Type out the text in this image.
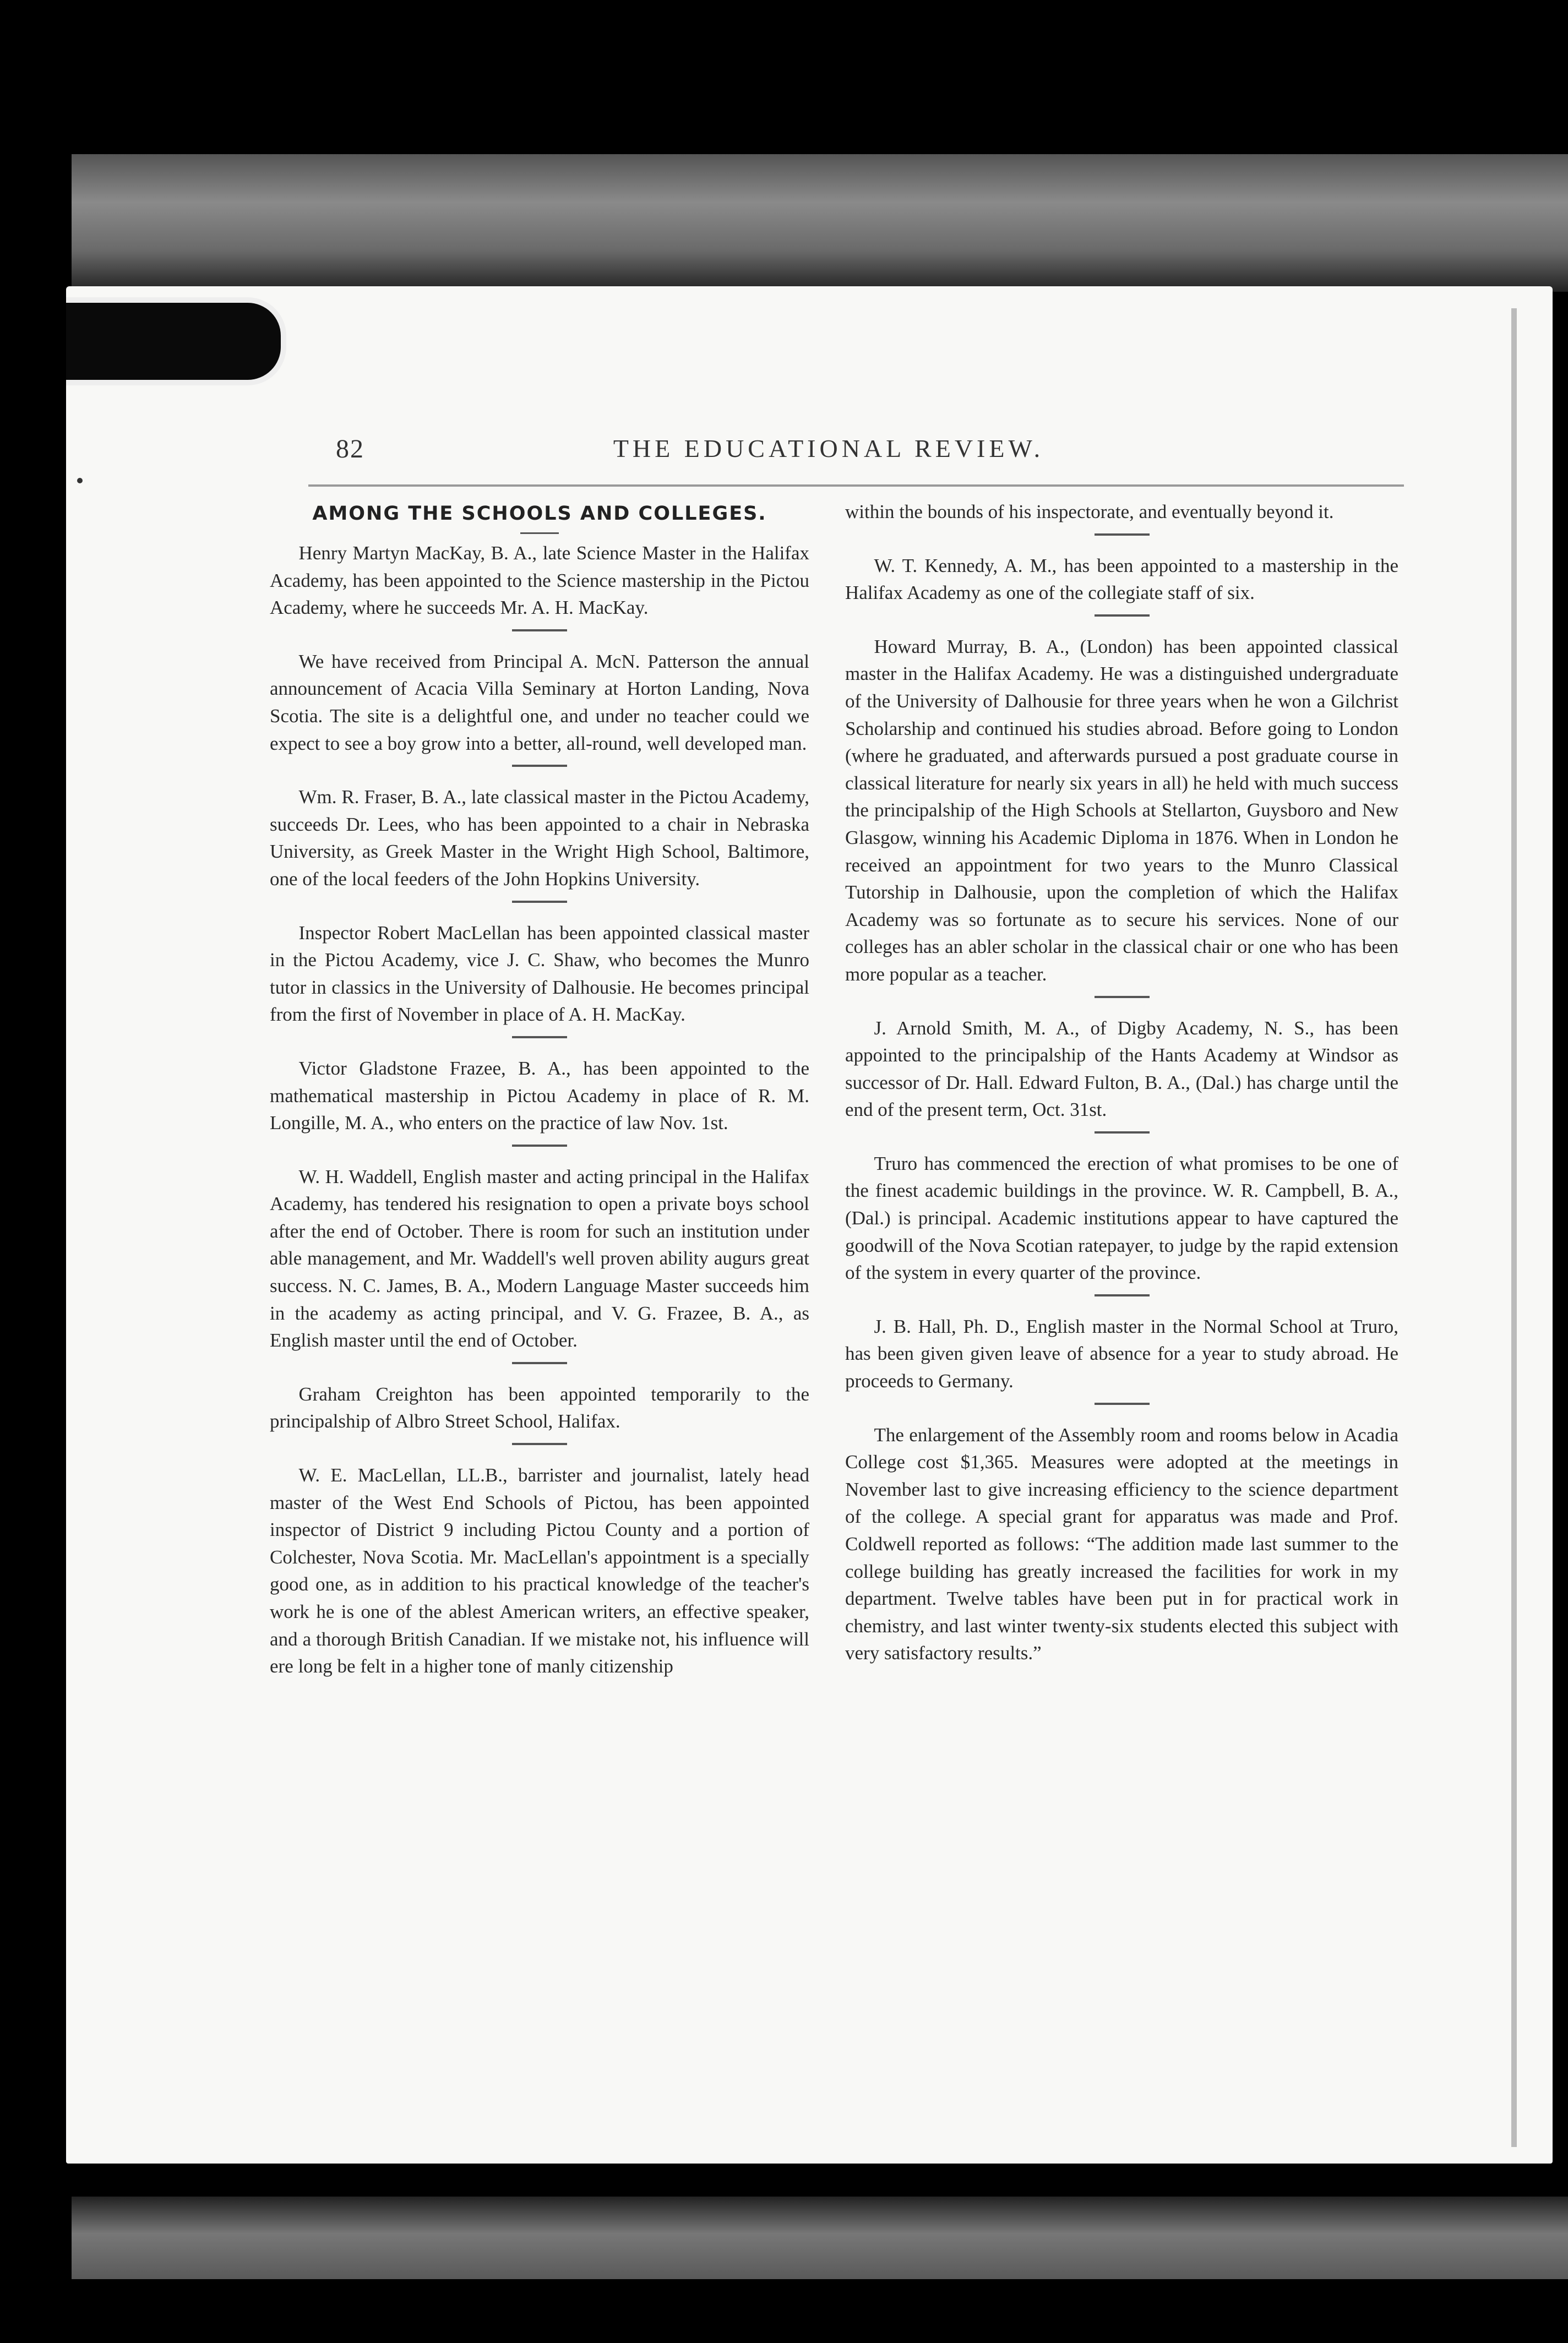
82	THE EDUCATIONAL REVIEW.
AMONG THE SCHOOLS AND COLLEGES.

Henry Martyn MacKay, B. A., late Science Master in the Halifax Academy, has been appointed to the Science mastership in the Pictou Academy, where he succeeds Mr. A. H. MacKay.

We have received from Principal A. McN. Patterson the annual announcement of Acacia Villa Seminary at Horton Landing, Nova Scotia. The site is a delightful one, and under no teacher could we expect to see a boy grow into a better, all-round, well developed man.

Wm. R. Fraser, B. A., late classical master in the Pictou Academy, succeeds Dr. Lees, who has been appointed to a chair in Nebraska University, as Greek Master in the Wright High School, Baltimore, one of the local feeders of the John Hopkins University.

Inspector Robert MacLellan has been appointed classical master in the Pictou Academy, vice J. C. Shaw, who becomes the Munro tutor in classics in the University of Dalhousie. He becomes principal from the first of November in place of A. H. MacKay.

Victor Gladstone Frazee, B. A., has been appointed to the mathematical mastership in Pictou Academy in place of R. M. Longille, M. A., who enters on the practice of law Nov. 1st.

W. H. Waddell, English master and acting principal in the Halifax Academy, has tendered his resignation to open a private boys school after the end of October. There is room for such an institution under able management, and Mr. Waddell's well proven ability augurs great success. N. C. James, B. A., Modern Language Master succeeds him in the academy as acting principal, and V. G. Frazee, B. A., as English master until the end of October.

Graham Creighton has been appointed temporarily to the principalship of Albro Street School, Halifax.

W. E. MacLellan, LL.B., barrister and journalist, lately head master of the West End Schools of Pictou, has been appointed inspector of District 9 including Pictou County and a portion of Colchester, Nova Scotia. Mr. MacLellan's appointment is a specially good one, as in addition to his practical knowledge of the teacher's work he is one of the ablest American writers, an effective speaker, and a thorough British Canadian. If we mistake not, his influence will ere long be felt in a higher tone of manly citizenship

within the bounds of his inspectorate, and eventually beyond it.

W. T. Kennedy, A. M., has been appointed to a mastership in the Halifax Academy as one of the collegiate staff of six.

Howard Murray, B. A., (London) has been appointed classical master in the Halifax Academy. He was a distinguished undergraduate of the University of Dalhousie for three years when he won a Gilchrist Scholarship and continued his studies abroad. Before going to London (where he graduated, and afterwards pursued a post graduate course in classical literature for nearly six years in all) he held with much success the principalship of the High Schools at Stellarton, Guysboro and New Glasgow, winning his Academic Diploma in 1876. When in London he received an appointment for two years to the Munro Classical Tutorship in Dalhousie, upon the completion of which the Halifax Academy was so fortunate as to secure his services. None of our colleges has an abler scholar in the classical chair or one who has been more popular as a teacher.

J. Arnold Smith, M. A., of Digby Academy, N. S., has been appointed to the principalship of the Hants Academy at Windsor as successor of Dr. Hall. Edward Fulton, B. A., (Dal.) has charge until the end of the present term, Oct. 31st.

Truro has commenced the erection of what promises to be one of the finest academic buildings in the province. W. R. Campbell, B. A., (Dal.) is principal. Academic institutions appear to have captured the goodwill of the Nova Scotian ratepayer, to judge by the rapid extension of the system in every quarter of the province.

J. B. Hall, Ph. D., English master in the Normal School at Truro, has been given given leave of absence for a year to study abroad. He proceeds to Germany.

The enlargement of the Assembly room and rooms below in Acadia College cost $1,365. Measures were adopted at the meetings in November last to give increasing efficiency to the science department of the college. A special grant for apparatus was made and Prof. Coldwell reported as follows: “The addition made last summer to the college building has greatly increased the facilities for work in my department. Twelve tables have been put in for practical work in chemistry, and last winter twenty-six students elected this subject with very satisfactory results.”
